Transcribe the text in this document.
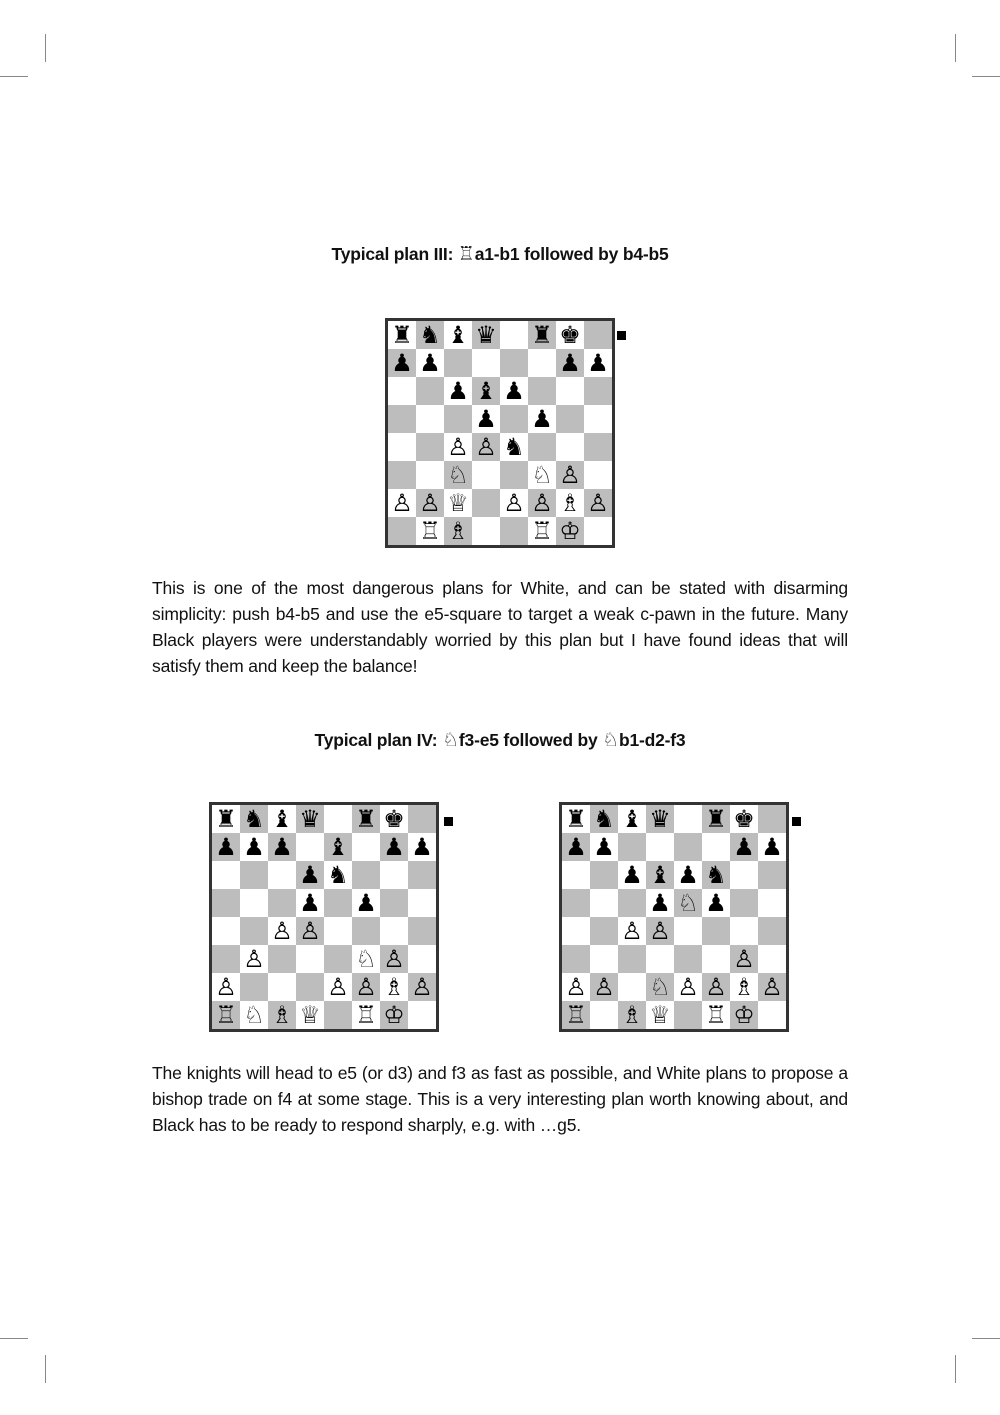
Typical plan III: ♖a1-b1 followed by b4-b5
♜ ♞ ♝ ♛ ♜ ♚
♟ ♟	♟ ♟
♟ ♝ ♟
♟ ♟
♙ ♙ ♞
♘	♘ ♙
♙ ♙ ♕ ♙ ♙ ♗ ♙
♖ ♗	♖ ♔

This is one of the most dangerous plans for White, and can be stated with disarming simplicity: push b4-b5 and use the e5-square to target a weak c-pawn in the future. Many Black players were understandably worried by this plan but I have found ideas that will satisfy them and keep the balance!

Typical plan IV: ♘f3-e5 followed by ♘b1-d2-f3
♜ ♞ ♝ ♛ ♜ ♚
♟ ♟ ♟ ♝ ♟ ♟
♟ ♞
♟ ♟
♙ ♙
♙	♘ ♙
♙	♙ ♙ ♗ ♙
♖ ♘ ♗ ♕ ♖ ♔
♜ ♞ ♝ ♛ ♜ ♚
♟ ♟	♟ ♟
♟ ♝ ♟ ♞
♟ ♘ ♟
♙ ♙
♙
♙ ♙ ♘ ♙ ♙ ♗ ♙
♖ ♗ ♕ ♖ ♔

The knights will head to e5 (or d3) and f3 as fast as possible, and White plans to propose a bishop trade on f4 at some stage. This is a very interesting plan worth knowing about, and Black has to be ready to respond sharply, e.g. with …g5.
